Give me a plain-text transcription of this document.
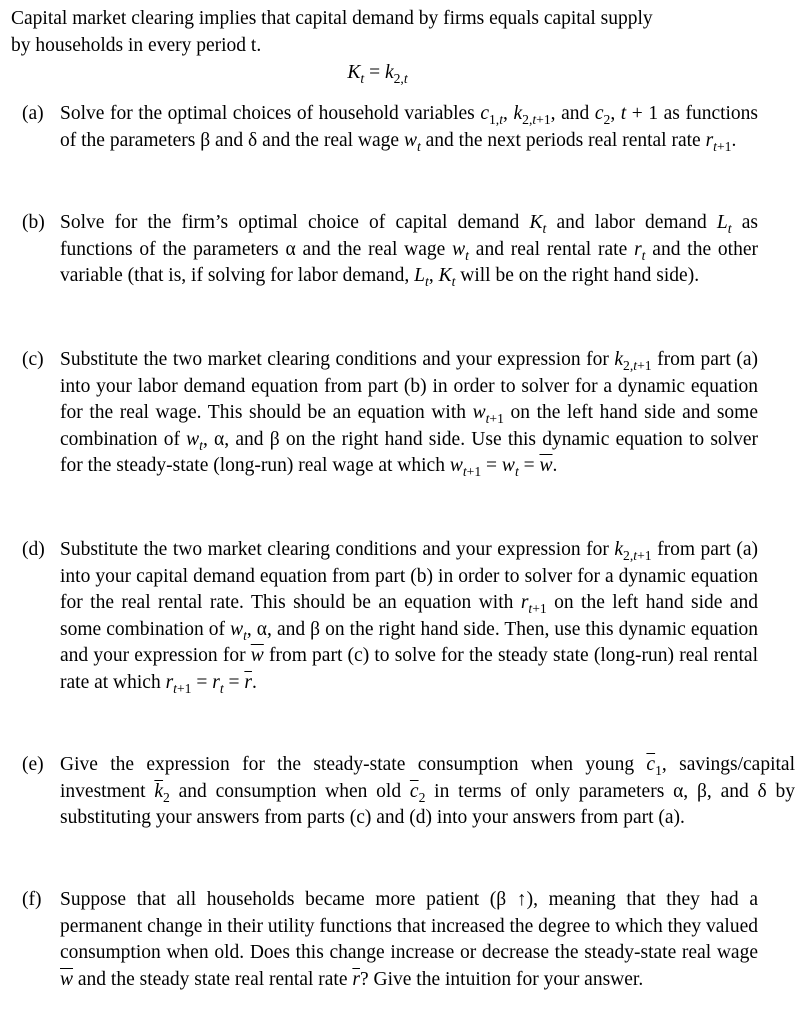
Capital market clearing implies that capital demand by firms equals capital supply
by households in every period t.
$K_t = k_{2,t}$
(a) Solve for the optimal choices of household variables $c_{1,t}$, $k_{2,t+1}$, and $c_2$, t + 1 as functions of the parameters β and δ and the real wage $w_t$ and the next periods real rental rate $r_{t+1}$.
(b) Solve for the firm’s optimal choice of capital demand $K_t$ and labor demand $L_t$ as functions of the parameters α and the real wage $w_t$ and real rental rate $r_t$ and the other variable (that is, if solving for labor demand, $L_t$, $K_t$ will be on the right hand side).
(c) Substitute the two market clearing conditions and your expression for $k_{2,t+1}$ from part (a) into your labor demand equation from part (b) in order to solver for a dynamic equation for the real wage. This should be an equation with $w_{t+1}$ on the left hand side and some combination of $w_t$, α, and β on the right hand side. Use this dynamic equation to solver for the steady-state (long-run) real wage at which $w_{t+1} = w_t = \overline{w}$.
(d) Substitute the two market clearing conditions and your expression for $k_{2,t+1}$ from part (a) into your capital demand equation from part (b) in order to solver for a dynamic equation for the real rental rate. This should be an equation with $r_{t+1}$ on the left hand side and some combination of $w_t$, α, and β on the right hand side. Then, use this dynamic equation and your expression for $\overline{w}$ from part (c) to solve for the steady state (long-run) real rental rate at which $r_{t+1} = r_t = \overline{r}$.
(e) Give the expression for the steady-state consumption when young $\overline{c}_1$, savings/capital investment $\overline{k}_2$ and consumption when old $\overline{c}_2$ in terms of only parameters α, β, and δ by substituting your answers from parts (c) and (d) into your answers from part (a).
(f) Suppose that all households became more patient (β ↑), meaning that they had a permanent change in their utility functions that increased the degree to which they valued consumption when old. Does this change increase or decrease the steady-state real wage $\overline{w}$ and the steady state real rental rate $\overline{r}$? Give the intuition for your answer.
